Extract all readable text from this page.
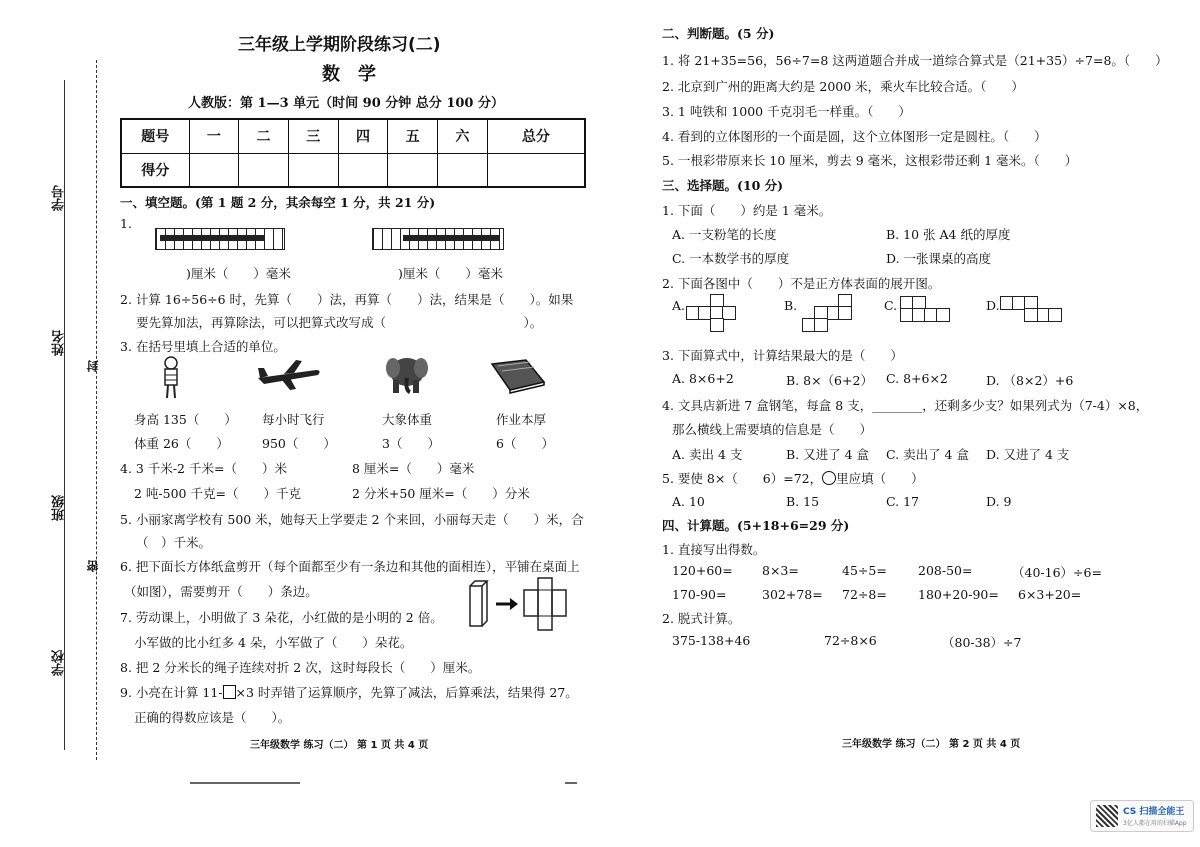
学号
姓名
班级
学校
封
密
三年级上学期阶段练习(二)
数　学
人教版：第 1—3 单元（时间 90 分钟 总分 100 分）
题号	一	二	三	四	五	六	总分
得分							
一、填空题。(第 1 题 2 分，其余每空 1 分，共 21 分)
1.
)厘米（　　）毫米	)厘米（　　）毫米
2. 计算 16÷56÷6 时，先算（　　）法，再算（　　）法，结果是（　　）。如果
要先算加法，再算除法，可以把算式改写成（　　　　　　　　　　　）。
3. 在括号里填上合适的单位。
身高 135（　　）
体重 26（　　）
每小时飞行
950（　　）
大象体重
3（　　）
作业本厚
6（　　）
4. 3 千米-2 千米=（　　）米	8 厘米=（　　）毫米
2 吨-500 千克=（　　）千克	2 分米+50 厘米=（　　）分米
5. 小丽家离学校有 500 米，她每天上学要走 2 个来回，小丽每天走（　　）米，合
（　）千米。
6. 把下面长方体纸盒剪开（每个面都至少有一条边和其他的面相连），平铺在桌面上
（如图），需要剪开（　　）条边。
7. 劳动课上，小明做了 3 朵花，小红做的是小明的 2 倍。
小军做的比小红多 4 朵，小军做了（　　）朵花。
8. 把 2 分米长的绳子连续对折 2 次，这时每段长（　　）厘米。
9. 小亮在计算 11- ×3 时弄错了运算顺序，先算了减法，后算乘法，结果得 27。
正确的得数应该是（　　）。
三年级数学 练习（二） 第 1 页 共 4 页
二、判断题。(5 分)
1. 将 21+35=56，56÷7=8 这两道题合并成一道综合算式是（21+35）÷7=8。（　　）
2. 北京到广州的距离大约是 2000 米，乘火车比较合适。（　　）
3. 1 吨铁和 1000 千克羽毛一样重。（　　）
4. 看到的立体图形的一个面是圆，这个立体图形一定是圆柱。（　　）
5. 一根彩带原来长 10 厘米，剪去 9 毫米，这根彩带还剩 1 毫米。（　　）
三、选择题。(10 分)
1. 下面（　　）约是 1 毫米。
A. 一支粉笔的长度	B. 10 张 A4 纸的厚度
C. 一本数学书的厚度	D. 一张课桌的高度
2. 下面各图中（　　）不是正方体表面的展开图。
A.	B.	C.	D.
3. 下面算式中，计算结果最大的是（　　）
A. 8×6+2	B. 8×（6+2） C. 8+6×2	D. （8×2）+6
4. 文具店新进 7 盒钢笔，每盒 8 支，________，还剩多少支？如果列式为（7-4）×8，
那么横线上需要填的信息是（　　）
A. 卖出 4 支	B. 又进了 4 盒 C. 卖出了 4 盒 D. 又进了 4 支
5. 要使 8×（　　6）=72， 里应填（　　）
A. 10	B. 15	C. 17	D. 9
四、计算题。(5+18+6=29 分)
1. 直接写出得数。
120+60= 8×3=	45÷5= 208-50=	（40-16）÷6=
170-90=	302+78= 72÷8= 180+20-90= 6×3+20=
2. 脱式计算。
375-138+46	72÷8×6	（80-38）÷7
三年级数学 练习（二） 第 2 页 共 4 页
CS 扫描全能王
3亿人都在用的扫描App
